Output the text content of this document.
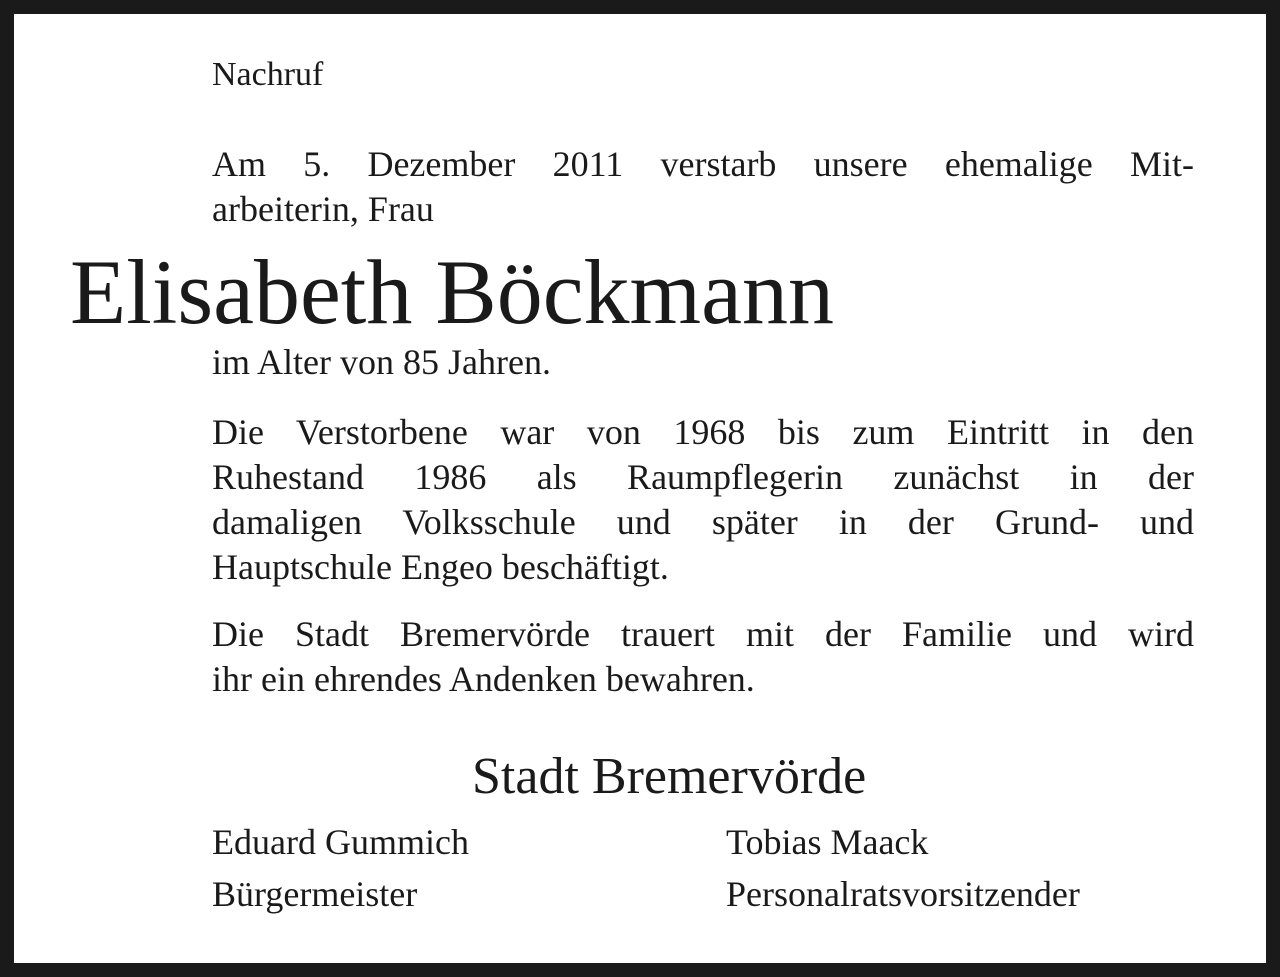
Nachruf

Am 5. Dezember 2011 verstarb unsere ehemalige Mit-
arbeiterin, Frau

Elisabeth Böckmann

im Alter von 85 Jahren.

Die Verstorbene war von 1968 bis zum Eintritt in den
Ruhestand 1986 als Raumpflegerin zunächst in der
damaligen Volksschule und später in der Grund- und
Hauptschule Engeo beschäftigt.
Die Stadt Bremervörde trauert mit der Familie und wird
ihr ein ehrendes Andenken bewahren.

Stadt Bremervörde

Eduard Gummich
Bürgermeister
Tobias Maack
Personalratsvorsitzender
